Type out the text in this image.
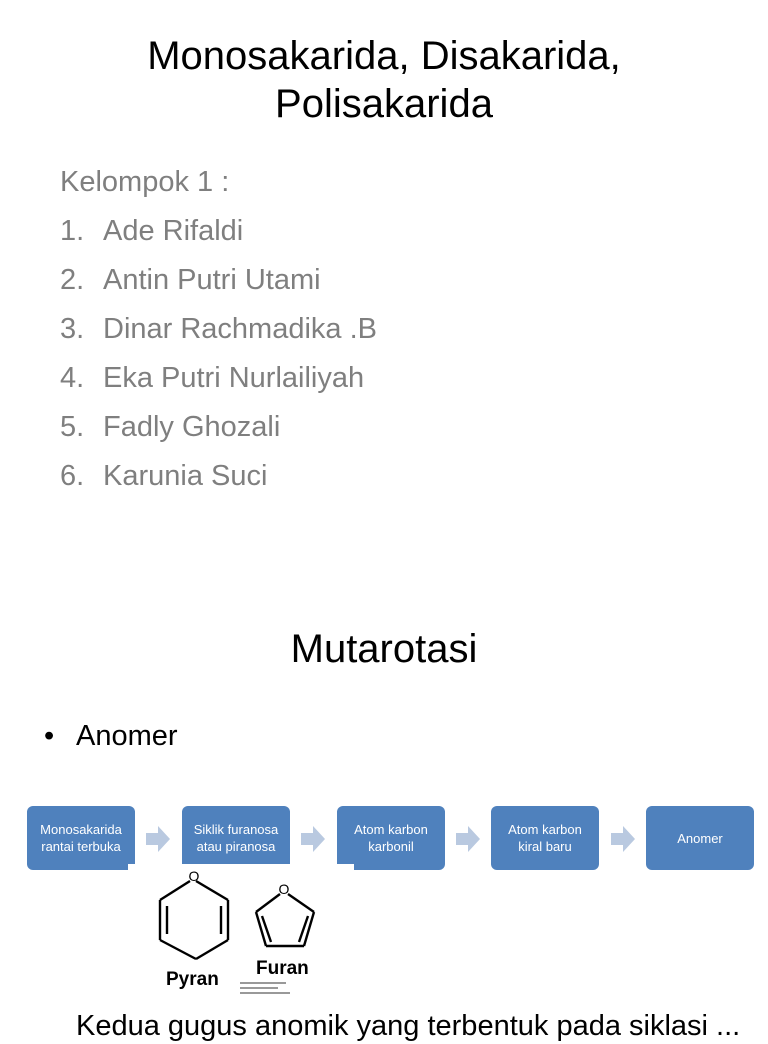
Monosakarida, Disakarida,
Polisakarida
Kelompok 1 :
1. Ade Rifaldi
2. Antin Putri Utami
3. Dinar Rachmadika .B
4. Eka Putri Nurlailiyah
5. Fadly Ghozali
6. Karunia Suci
Mutarotasi
• Anomer
Monosakarida
rantai terbuka
Siklik furanosa
atau piranosa
Atom karbon
karbonil
Atom karbon
kiral baru
Anomer
O
O
Pyran
Furan
Kedua gugus anomik yang terbentuk pada siklasi ...
